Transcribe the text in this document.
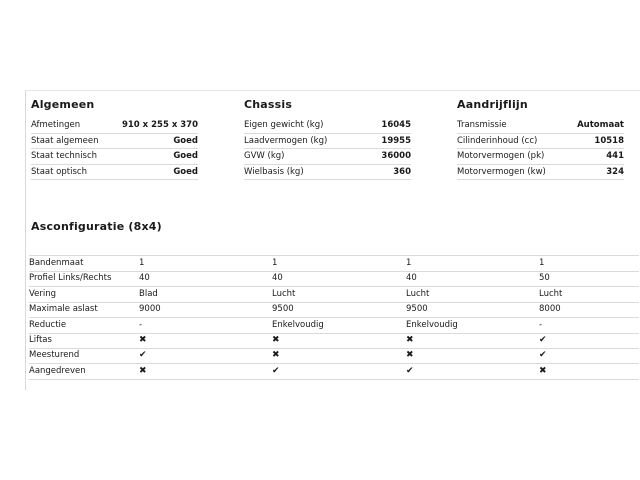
Algemeen
Afmetingen	910 x 255 x 370
Staat algemeen	Goed
Staat technisch	Goed
Staat optisch	Goed
Chassis
Eigen gewicht (kg)	16045
Laadvermogen (kg)	19955
GVW (kg)	36000
Wielbasis (kg)	360
Aandrijflijn
Transmissie	Automaat
Cilinderinhoud (cc)	10518
Motorvermogen (pk)	441
Motorvermogen (kw)	324
Asconfiguratie (8x4)
Bandenmaat	1	1	1	1
Profiel Links/Rechts	40	40	40	50
Vering	Blad	Lucht	Lucht	Lucht
Maximale aslast	9000	9500	9500	8000
Reductie	-	Enkelvoudig	Enkelvoudig	-
Liftas	✖	✖	✖	✔
Meesturend	✔	✖	✖	✔
Aangedreven	✖	✔	✔	✖
